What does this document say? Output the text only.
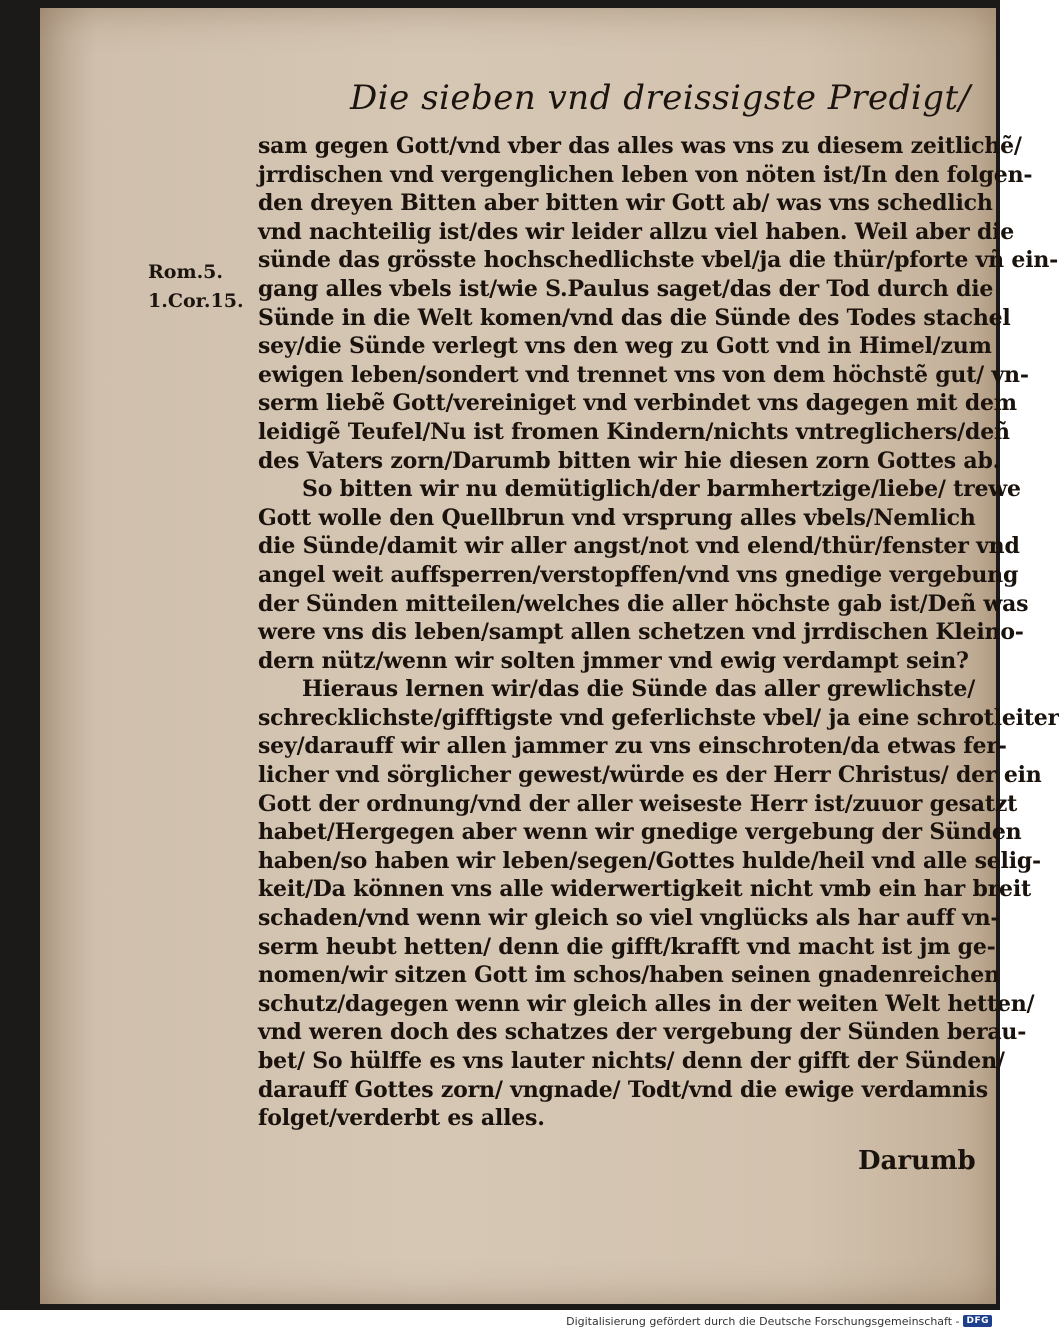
Die sieben vnd dreissigste Predigt/
Rom.5.
1.Cor.15.
sam gegen Gott/vnd vber das alles was vns zu diesem zeitlichẽ/
jrrdischen vnd vergenglichen leben von nöten ist/In den folgen-
den dreyen Bitten aber bitten wir Gott ab/ was vns schedlich
vnd nachteilig ist/des wir leider allzu viel haben. Weil aber die
sünde das grösste hochschedlichste vbel/ja die thür/pforte vñ ein-
gang alles vbels ist/wie S.Paulus saget/das der Tod durch die
Sünde in die Welt komen/vnd das die Sünde des Todes stachel
sey/die Sünde verlegt vns den weg zu Gott vnd in Himel/zum
ewigen leben/sondert vnd trennet vns von dem höchstẽ gut/ vn-
serm liebẽ Gott/vereiniget vnd verbindet vns dagegen mit dem
leidigẽ Teufel/Nu ist fromen Kindern/nichts vntreglichers/deñ
des Vaters zorn/Darumb bitten wir hie diesen zorn Gottes ab.
So bitten wir nu demütiglich/der barmhertzige/liebe/ trewe
Gott wolle den Quellbrun vnd vrsprung alles vbels/Nemlich
die Sünde/damit wir aller angst/not vnd elend/thür/fenster vnd
angel weit auffsperren/verstopffen/vnd vns gnedige vergebung
der Sünden mitteilen/welches die aller höchste gab ist/Deñ was
were vns dis leben/sampt allen schetzen vnd jrrdischen Kleino-
dern nütz/wenn wir solten jmmer vnd ewig verdampt sein?
Hieraus lernen wir/das die Sünde das aller grewlichste/
schrecklichste/gifftigste vnd geferlichste vbel/ ja eine schrotleiter
sey/darauff wir allen jammer zu vns einschroten/da etwas fer-
licher vnd sörglicher gewest/würde es der Herr Christus/ der ein
Gott der ordnung/vnd der aller weiseste Herr ist/zuuor gesatzt
habet/Hergegen aber wenn wir gnedige vergebung der Sünden
haben/so haben wir leben/segen/Gottes hulde/heil vnd alle selig-
keit/Da können vns alle widerwertigkeit nicht vmb ein har breit
schaden/vnd wenn wir gleich so viel vnglücks als har auff vn-
serm heubt hetten/ denn die gifft/krafft vnd macht ist jm ge-
nomen/wir sitzen Gott im schos/haben seinen gnadenreichen
schutz/dagegen wenn wir gleich alles in der weiten Welt hetten/
vnd weren doch des schatzes der vergebung der Sünden berau-
bet/ So hülffe es vns lauter nichts/ denn der gifft der Sünden/
darauff Gottes zorn/ vngnade/ Todt/vnd die ewige verdamnis
folget/verderbt es alles.
Darumb
Digitalisierung gefördert durch die Deutsche Forschungsgemeinschaft - DFG
